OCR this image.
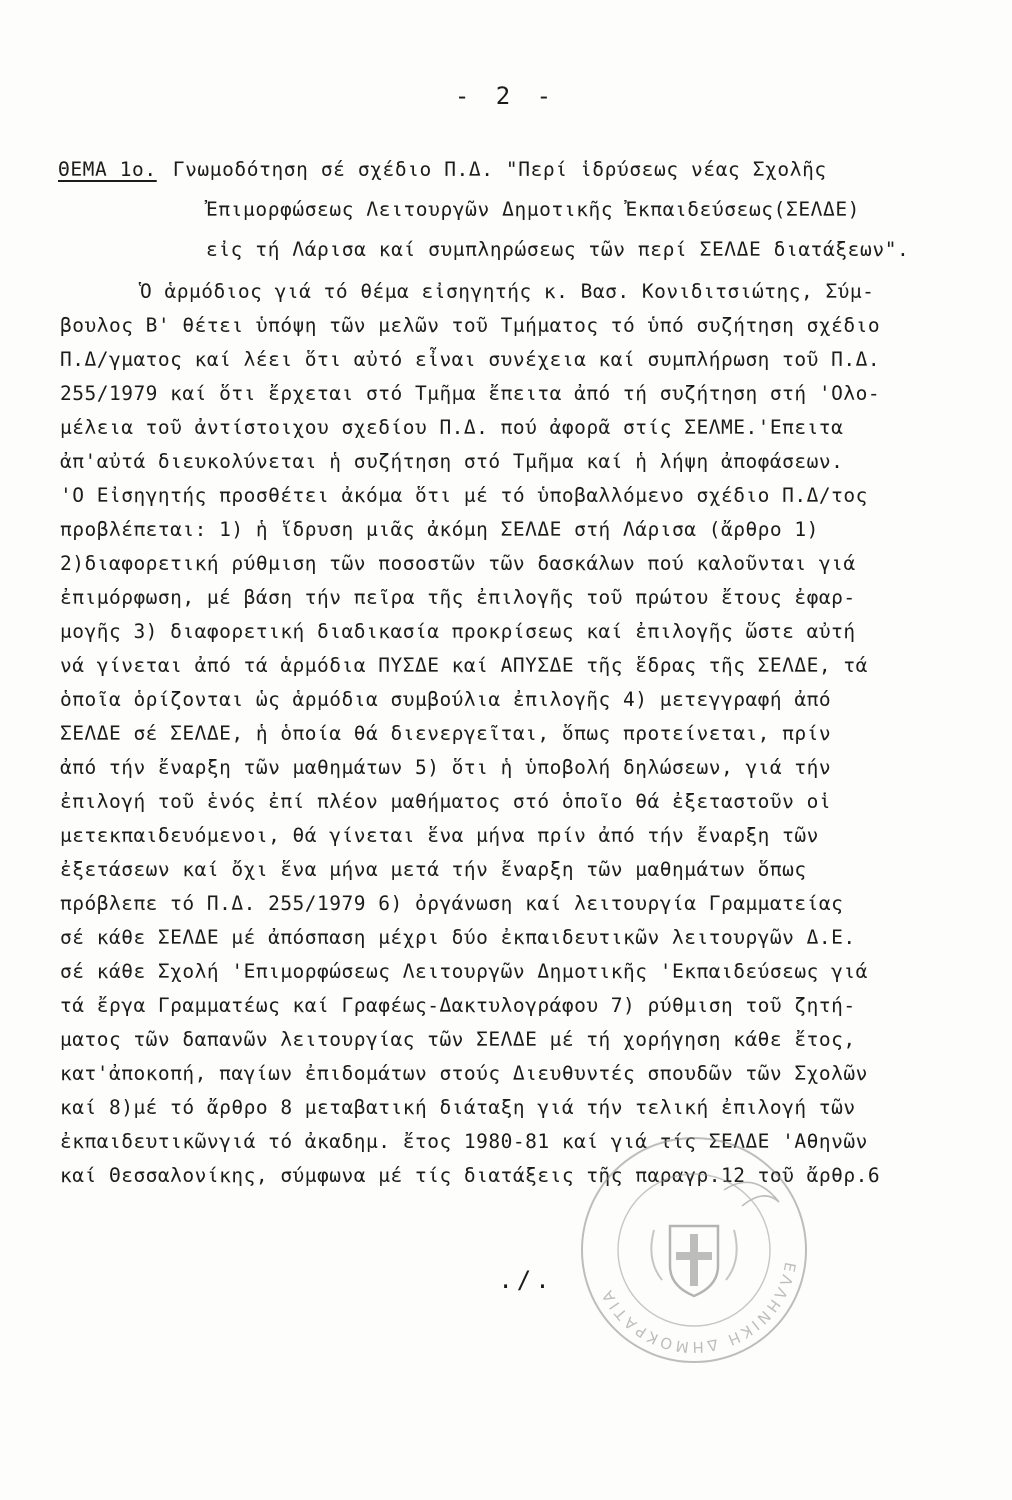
- 2 -
ΘΕΜΑ 1ο. Γνωμοδότηση σέ σχέδιο Π.Δ. "Περί ἱδρύσεως νέας Σχολῆς
Ἐπιμορφώσεως Λειτουργῶν Δημοτικῆς Ἐκπαιδεύσεως(ΣΕΛΔΕ)
εἰς τή Λάρισα καί συμπληρώσεως τῶν περί ΣΕΛΔΕ διατάξεων".
Ὁ ἁρμόδιος γιά τό θέμα εἰσηγητής κ. Βασ. Κονιδιτσιώτης, Σύμ-
βουλος Β' θέτει ὑπόψη τῶν μελῶν τοῦ Τμήματος τό ὑπό συζήτηση σχέδιο
Π.Δ/γματος καί λέει ὅτι αὐτό εἶναι συνέχεια καί συμπλήρωση τοῦ Π.Δ.
255/1979 καί ὅτι ἔρχεται στό Τμῆμα ἔπειτα ἀπό τή συζήτηση στή 'Ολο-
μέλεια τοῦ ἀντίστοιχου σχεδίου Π.Δ. πού ἀφορᾶ στίς ΣΕΛΜΕ.'Επειτα
ἀπ'αὐτά διευκολύνεται ἡ συζήτηση στό Τμῆμα καί ἡ λήψη ἀποφάσεων.
'Ο Εἰσηγητής προσθέτει ἀκόμα ὅτι μέ τό ὑποβαλλόμενο σχέδιο Π.Δ/τος
προβλέπεται: 1) ἡ ἵδρυση μιᾶς ἀκόμη ΣΕΛΔΕ στή Λάρισα (ἄρθρο 1)
2)διαφορετική ρύθμιση τῶν ποσοστῶν τῶν δασκάλων πού καλοῦνται γιά
ἐπιμόρφωση, μέ βάση τήν πεῖρα τῆς ἐπιλογῆς τοῦ πρώτου ἔτους ἐφαρ-
μογῆς 3) διαφορετική διαδικασία προκρίσεως καί ἐπιλογῆς ὥστε αὐτή
νά γίνεται ἀπό τά ἁρμόδια ΠΥΣΔΕ καί ΑΠΥΣΔΕ τῆς ἕδρας τῆς ΣΕΛΔΕ, τά
ὁποῖα ὁρίζονται ὡς ἁρμόδια συμβούλια ἐπιλογῆς 4) μετεγγραφή ἀπό
ΣΕΛΔΕ σέ ΣΕΛΔΕ, ἡ ὁποία θά διενεργεῖται, ὅπως προτείνεται, πρίν
ἀπό τήν ἔναρξη τῶν μαθημάτων 5) ὅτι ἡ ὑποβολή δηλώσεων, γιά τήν
ἐπιλογή τοῦ ἑνός ἐπί πλέον μαθήματος στό ὁποῖο θά ἐξεταστοῦν οἱ
μετεκπαιδευόμενοι, θά γίνεται ἕνα μήνα πρίν ἀπό τήν ἔναρξη τῶν
ἐξετάσεων καί ὄχι ἕνα μήνα μετά τήν ἔναρξη τῶν μαθημάτων ὅπως
πρόβλεπε τό Π.Δ. 255/1979 6) ὀργάνωση καί λειτουργία Γραμματείας
σέ κάθε ΣΕΛΔΕ μέ ἀπόσπαση μέχρι δύο ἐκπαιδευτικῶν λειτουργῶν Δ.Ε.
σέ κάθε Σχολή 'Επιμορφώσεως Λειτουργῶν Δημοτικῆς 'Εκπαιδεύσεως γιά
τά ἔργα Γραμματέως καί Γραφέως-Δακτυλογράφου 7) ρύθμιση τοῦ ζητή-
ματος τῶν δαπανῶν λειτουργίας τῶν ΣΕΛΔΕ μέ τή χορήγηση κάθε ἔτος,
κατ'ἀποκοπή, παγίων ἐπιδομάτων στούς Διευθυντές σπουδῶν τῶν Σχολῶν
καί 8)μέ τό ἄρθρο 8 μεταβατική διάταξη γιά τήν τελική ἐπιλογή τῶν
ἐκπαιδευτικῶνγιά τό ἀκαδημ. ἔτος 1980-81 καί γιά τίς ΣΕΛΔΕ 'Αθηνῶν
καί Θεσσαλονίκης, σύμφωνα μέ τίς διατάξεις τῆς παραγρ.12 τοῦ ἄρθρ.6
ΕΛΛΗΝΙΚΗ ΔΗΜΟΚΡΑΤΙΑ
./.
